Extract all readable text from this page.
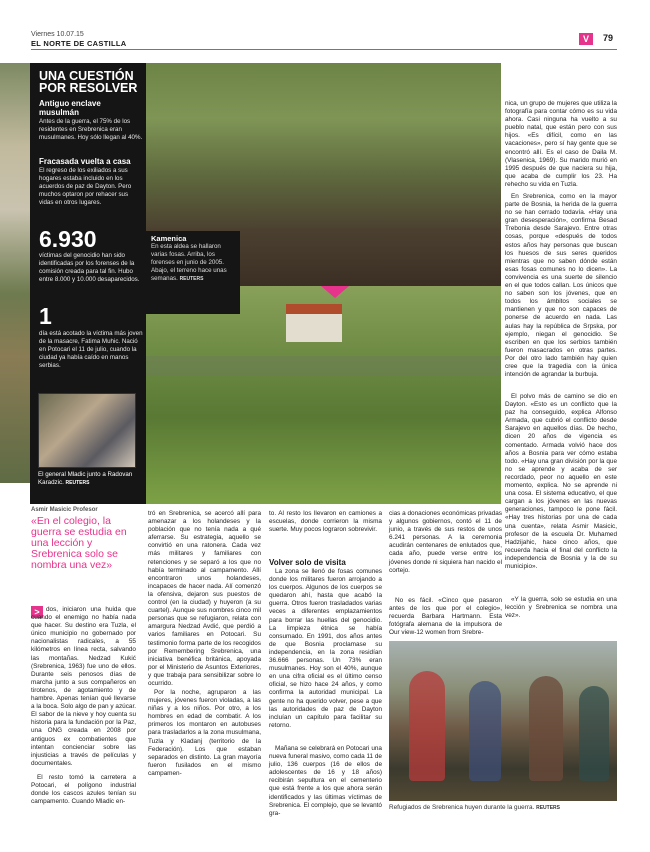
Viernes 10.07.15
EL NORTE DE CASTILLA	V	79
UNA CUESTIÓN POR RESOLVER
Antiguo enclave musulmán
Antes de la guerra, el 75% de los residentes en Srebrenica eran musulmanes. Hoy sólo llegan al 40%.
Fracasada vuelta a casa
El regreso de los exiliados a sus hogares estaba incluido en los acuerdos de paz de Dayton. Pero muchos optaron por rehacer sus vidas en otros lugares.
6.930
víctimas del genocidio han sido identificadas por los forenses de la comisión creada para tal fin. Hubo entre 8.000 y 10.000 desaparecidos.
1
día está acotado la víctima más joven de la masacre, Fatima Muhic. Nació en Potocari el 11 de julio, cuando la ciudad ya había caído en manos serbias.
El general Mladic junto a Radovan Karadzic. REUTERS
Kamenica
En esta aldea se hallaron varias fosas. Arriba, los forenses en junio de 2005. Abajo, el terreno hace unas semanas. REUTERS
Asmir Masicic Profesor
«En el colegio, la guerra se estudia en una lección y Srebrenica solo se nombra una vez»
> dos, iniciaron una huida que cuando el enemigo no había nada que hacer. Su destino era Tuzla, el único municipio no gobernado por nacionalistas radicales, a 55 kilómetros en línea recta, salvando las montañas. Nedzad Kukić (Srebrenica, 1963) fue uno de ellos. Durante seis penosos días de marcha junto a sus compañeros en tirotenos, de agotamiento y de hambre. Apenas tenían qué llevarse a la boca. Solo algo de pan y azúcar. El sabor de la nieve y hoy cuenta su historia para la fundación por la Paz, una ONG creada en 2008 por antiguos ex combatientes que intentan concienciar sobre las injusticias a través de películas y documentales.
El resto tomó la carretera a Potocari, el polígono industrial donde los cascos azules tenían su campamento. Cuando Mladic en-
tró en Srebrenica, se acercó allí para amenazar a los holandeses y la población que no tenía nada a qué aferrarse. Su estrategia, aquello se convirtió en una ratonera. Cada vez más militares y familiares con retenciones y se separó a los que no había terminado al campamento. Allí encontraron unos holandeses, incapaces de hacer nada. Alí comenzó la ofensiva, dejaron sus puestos de control (en la ciudad) y huyeron (a su cuartel). Aunque sus nombres cinco mil personas que se refugiaron, relata con amargura Nedzad Avdić, que perdió a varios familiares en Potocari. Su testimonio forma parte de los recogidos por Remembering Srebrenica, una iniciativa benéfica británica, apoyada por el Ministerio de Asuntos Exteriores, y que trabaja para sensibilizar sobre lo ocurrido.
Por la noche, agruparon a las mujeres, jóvenes fueron violadas, a las niñas y a los niños. Por otro, a los hombres en edad de combatir. A los primeros los montaron en autobuses para trasladarlos a la zona musulmana, Tuzla y Kladanj (territorio de la Federación). Los que estaban separados en distinto. La gran mayoría fueron fusilados en el mismo campamen-
to. Al resto los llevaron en camiones a escuelas, donde corrieron la misma suerte. Muy pocos lograron sobrevivir.
Volver solo de visita
La zona se llenó de fosas comunes donde los militares fueron arrojando a los cuerpos. Algunos de los cuerpos se quedaron ahí, hasta que acabó la guerra. Otros fueron trasladados varias veces a diferentes emplazamientos para borrar las huellas del genocidio. La limpieza étnica se había consumado. En 1991, dos años antes de que Bosnia proclamase su independencia, en la zona residían 36.666 personas. Un 73% eran musulmanes. Hoy son el 40%, aunque en una cifra oficial es el último censo oficial, se hizo hace 24 años, y como confirma la autoridad municipal. La gente no ha querido volver, pese a que las autoridades de paz de Dayton incluían un capítulo para facilitar su retorno.
Mañana se celebrará en Potocari una nueva funeral masivo, como cada 11 de julio, 136 cuerpos (16 de ellos de adolescentes de 16 y 18 años) recibirán sepultura en el cementerio que está frente a los que ahora serán identificados y las últimas víctimas de Srebrenica. El complejo, que se levantó gra-
cias a donaciones económicas privadas y algunos gobiernos, contó el 11 de junio, a través de sus restos de unos 6.241 personas. A la ceremonia acudirán centenares de enlutados que, cada año, puede verse entre los jóvenes donde ni siquiera han nacido el cortejo.
No es fácil. «Cinco que pasaron antes de los que por el colegio», recuerda Barbara Hartmann. Esta fotógrafa alemana de la impulsora de Our view-12 women from Srebre-
nica, un grupo de mujeres que utiliza la fotografía para contar cómo es su vida ahora. Casi ninguna ha vuelto a su pueblo natal, que están pero con sus hijos. «Es difícil, como en las vacaciones», pero sí hay gente que se encontró allí. Es el caso de Daila M. (Vlasenica, 1969). Su marido murió en 1995 después de que naciera su hija, que acaba de cumplir los 23. Ha rehecho su vida en Tuzla.
En Srebrenica, como en la mayor parte de Bosnia, la herida de la guerra no se han cerrado todavía. «Hay una gran desesperación», confirma Besad Trebonia desde Sarajevo. Entre otras cosas, porque «después de todos estos años hay personas que buscan los huesos de sus seres queridos mientras que no saben dónde están esas fosas comunes no lo dicen». La convivencia es una suerte de silencio en el que todos callan. Los únicos que no saben son los jóvenes, que en todos los ámbitos sociales se mantienen y que no son capaces de ponerse de acuerdo en nada. Las aulas hay la república de Srpska, por ejemplo, niegan el genocidio. Se escriben en que los serbios también fueron masacrados en otras partes. Por del otro lado también hay quien cree que la tragedia con la única intención de agrandar la burbuja.
El polvo más de camino se dio en Dayton. «Esto es un conflicto que la paz ha conseguido, explica Alfonso Armada, que cubrió el conflicto desde Sarajevo en aquellos días. De hecho, dicen 20 años de vigencia es comentado. Armada volvió hace dos años a Bosnia para ver cómo estaba todo. «Hay una gran división por la que no se aprende y acaba de ser recordado, peor no aquello en este momento, explica. No se aprende ni una cosa. El sistema educativo, el que cargan a los jóvenes en las nuevas generaciones, tampoco le pone fácil. «Hay tres historias por una de cada una cuenta», relata Asmir Masicic, profesor de la escuela Dr. Muhamed Hadzijahic, hace cinco años, que recuerda hacia el final del conflicto la independencia de Bosnia y la de su municipio».
«Y la guerra, solo se estudia en una lección y Srebrenica se nombra una vez».
Refugiados de Srebrenica huyen durante la guerra. REUTERS
